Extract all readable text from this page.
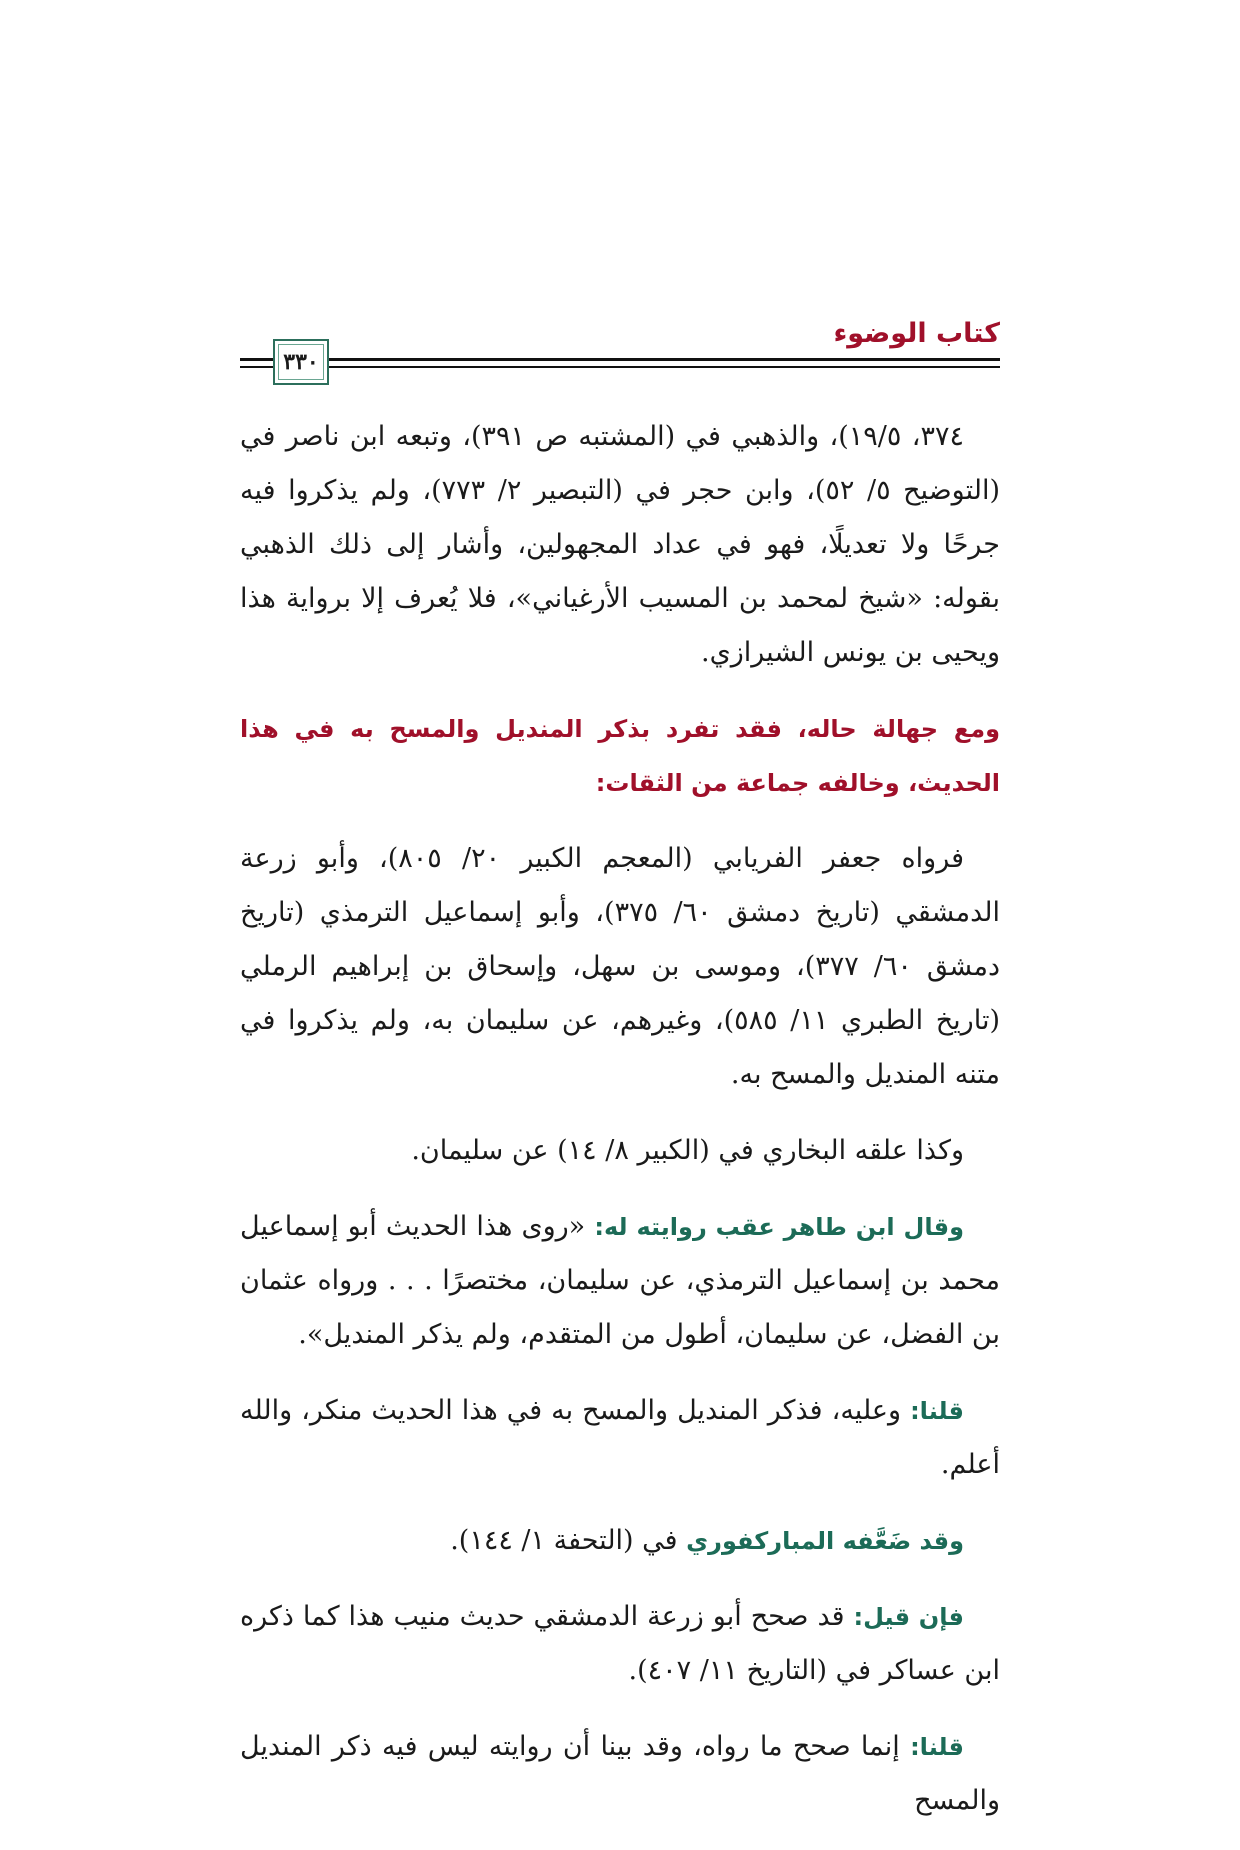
كتاب الوضوء
٣٣٠

٣٧٤، ١٩/٥)، والذهبي في (المشتبه ص ٣٩١)، وتبعه ابن ناصر في (التوضيح ٥/ ٥٢)، وابن حجر في (التبصير ٢/ ٧٧٣)، ولم يذكروا فيه جرحًا ولا تعديلًا، فهو في عداد المجهولين، وأشار إلى ذلك الذهبي بقوله: «شيخ لمحمد بن المسيب الأرغياني»، فلا يُعرف إلا برواية هذا ويحيى بن يونس الشيرازي.

ومع جهالة حاله، فقد تفرد بذكر المنديل والمسح به في هذا الحديث، وخالفه جماعة من الثقات:

فرواه جعفر الفريابي (المعجم الكبير ٢٠/ ٨٠٥)، وأبو زرعة الدمشقي (تاريخ دمشق ٦٠/ ٣٧٥)، وأبو إسماعيل الترمذي (تاريخ دمشق ٦٠/ ٣٧٧)، وموسى بن سهل، وإسحاق بن إبراهيم الرملي (تاريخ الطبري ١١/ ٥٨٥)، وغيرهم، عن سليمان به، ولم يذكروا في متنه المنديل والمسح به.

وكذا علقه البخاري في (الكبير ٨/ ١٤) عن سليمان.

وقال ابن طاهر عقب روايته له: «روى هذا الحديث أبو إسماعيل محمد بن إسماعيل الترمذي، عن سليمان، مختصرًا . . . ورواه عثمان بن الفضل، عن سليمان، أطول من المتقدم، ولم يذكر المنديل».

قلنا: وعليه، فذكر المنديل والمسح به في هذا الحديث منكر، والله أعلم.

وقد ضَعَّفه المباركفوري في (التحفة ١/ ١٤٤).

فإن قيل: قد صحح أبو زرعة الدمشقي حديث منيب هذا كما ذكره ابن عساكر في (التاريخ ١١/ ٤٠٧).

قلنا: إنما صحح ما رواه، وقد بينا أن روايته ليس فيه ذكر المنديل والمسح
